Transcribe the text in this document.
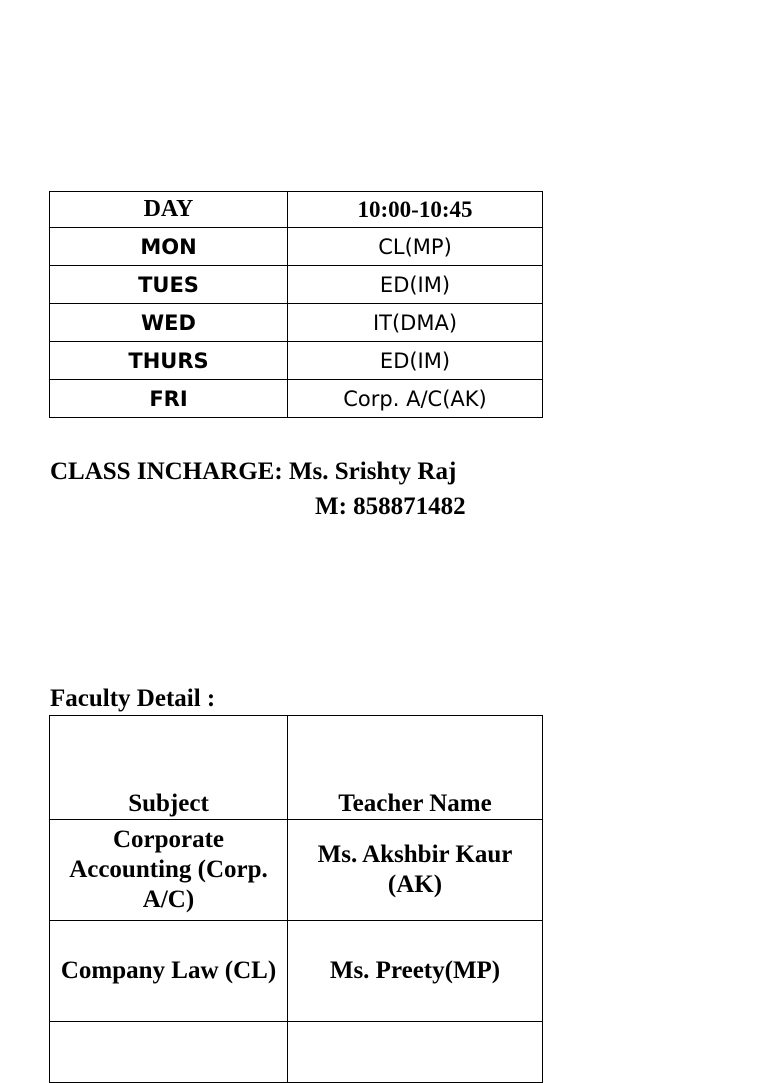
DAY	10:00-10:45
MON	CL(MP)
TUES	ED(IM)
WED	IT(DMA)
THURS	ED(IM)
FRI	Corp. A/C(AK)
CLASS INCHARGE: Ms. Srishty Raj
M: 858871482
Faculty Detail :
Subject	Teacher Name
Corporate Accounting (Corp. A/C)	Ms. Akshbir Kaur (AK)
Company Law (CL)	Ms. Preety(MP)
